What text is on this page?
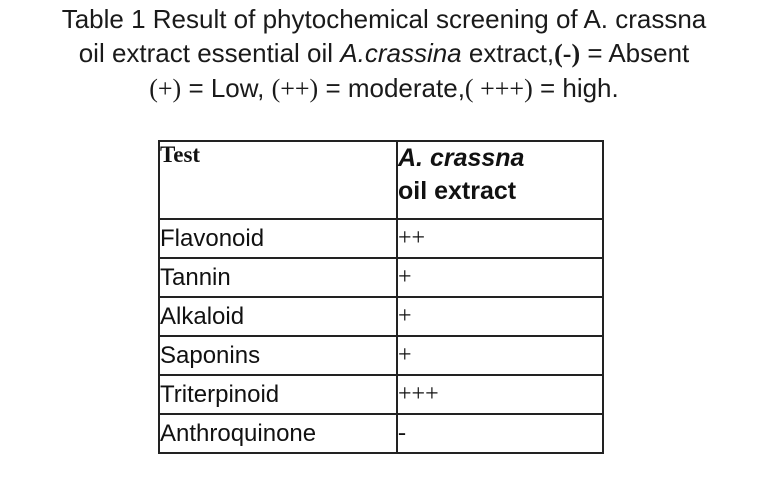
Table 1 Result of phytochemical screening of A. crassna
oil extract essential oil A.crassina extract,(-) = Absent
(+) = Low, (++) = moderate,( +++) = high.
Test	A. crassna
oil extract
Flavonoid	++
Tannin	+
Alkaloid	+
Saponins	+
Triterpinoid	+++
Anthroquinone	-
